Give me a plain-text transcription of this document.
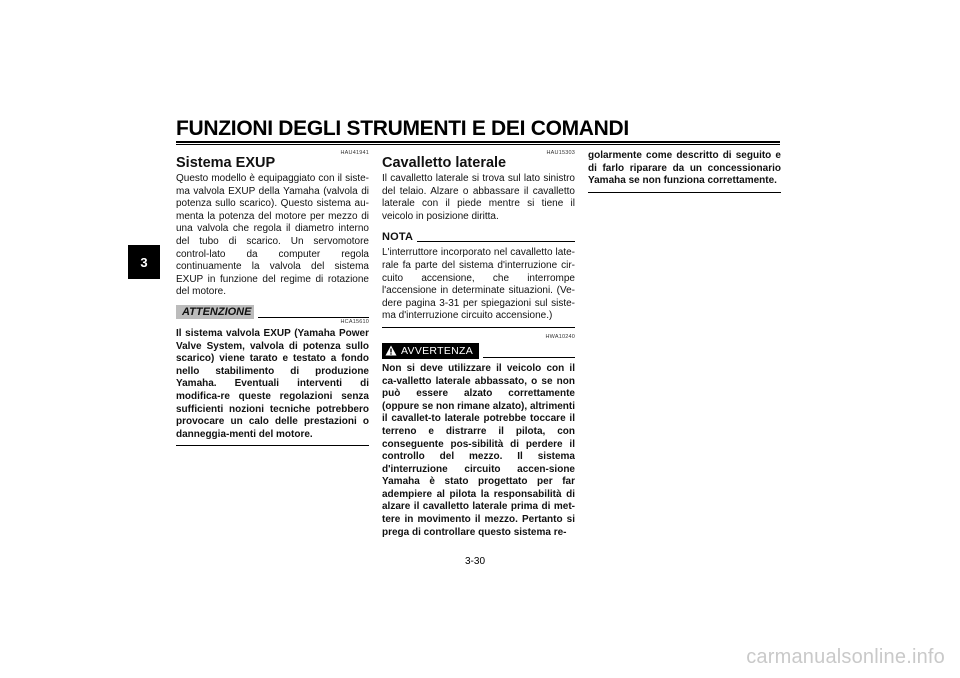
FUNZIONI DEGLI STRUMENTI E DEI COMANDI
3

HAU41941

Sistema EXUP

Questo modello è equipaggiato con il siste-ma valvola EXUP della Yamaha (valvola di potenza sullo scarico). Questo sistema au-menta la potenza del motore per mezzo di una valvola che regola il diametro interno del tubo di scarico. Un servomotore control-lato da computer regola continuamente la valvola del sistema EXUP in funzione del regime di rotazione del motore.

ATTENZIONE

HCA15610

Il sistema valvola EXUP (Yamaha Power Valve System, valvola di potenza sullo scarico) viene tarato e testato a fondo nello stabilimento di produzione Yamaha. Eventuali interventi di modifica-re queste regolazioni senza sufficienti nozioni tecniche potrebbero provocare un calo delle prestazioni o danneggia-menti del motore.

HAU15303

Cavalletto laterale

Il cavalletto laterale si trova sul lato sinistro del telaio. Alzare o abbassare il cavalletto laterale con il piede mentre si tiene il veicolo in posizione diritta.

NOTA

L'interruttore incorporato nel cavalletto late-rale fa parte del sistema d'interruzione cir-cuito accensione, che interrompe l'accensione in determinate situazioni. (Ve-dere pagina 3-31 per spiegazioni sul siste-ma d'interruzione circuito accensione.)

HWA10240

AVVERTENZA

Non si deve utilizzare il veicolo con il ca-valletto laterale abbassato, o se non può essere alzato correttamente (oppure se non rimane alzato), altrimenti il cavallet-to laterale potrebbe toccare il terreno e distrarre il pilota, con conseguente pos-sibilità di perdere il controllo del mezzo. Il sistema d'interruzione circuito accen-sione Yamaha è stato progettato per far adempiere al pilota la responsabilità di alzare il cavalletto laterale prima di met-tere in movimento il mezzo. Pertanto si prega di controllare questo sistema re-

golarmente come descritto di seguito e di farlo riparare da un concessionario Yamaha se non funziona correttamente.

3-30
carmanualsonline.info
